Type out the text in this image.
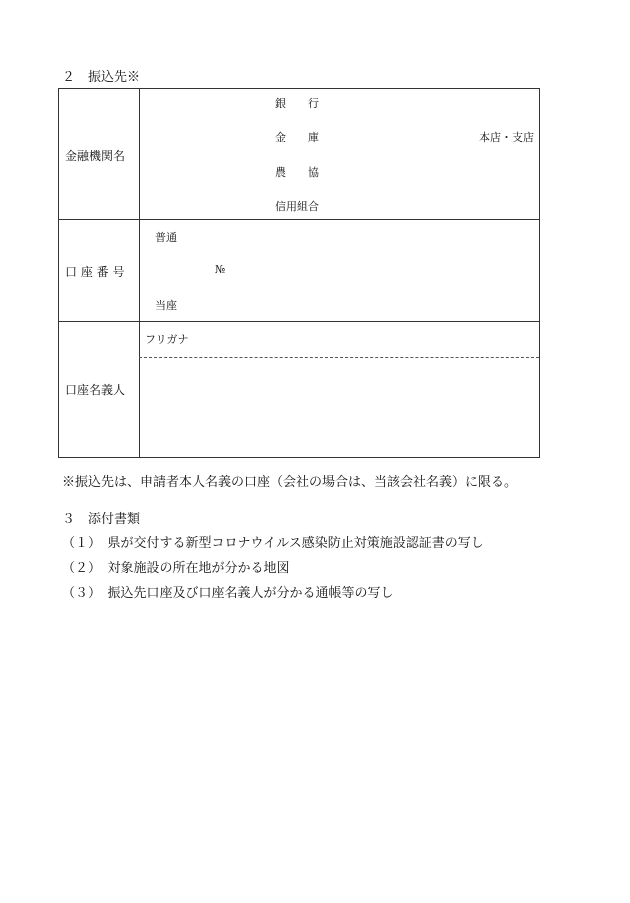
２　振込先※
金融機関名
銀　　行
金　　庫
農　　協
信用組合
本店・支店
口 座 番 号
普通
№
当座
口座名義人
フリガナ
※振込先は、申請者本人名義の口座（会社の場合は、当該会社名義）に限る。
３　添付書類
（１）　県が交付する新型コロナウイルス感染防止対策施設認証書の写し
（２）　対象施設の所在地が分かる地図
（３）　振込先口座及び口座名義人が分かる通帳等の写し
